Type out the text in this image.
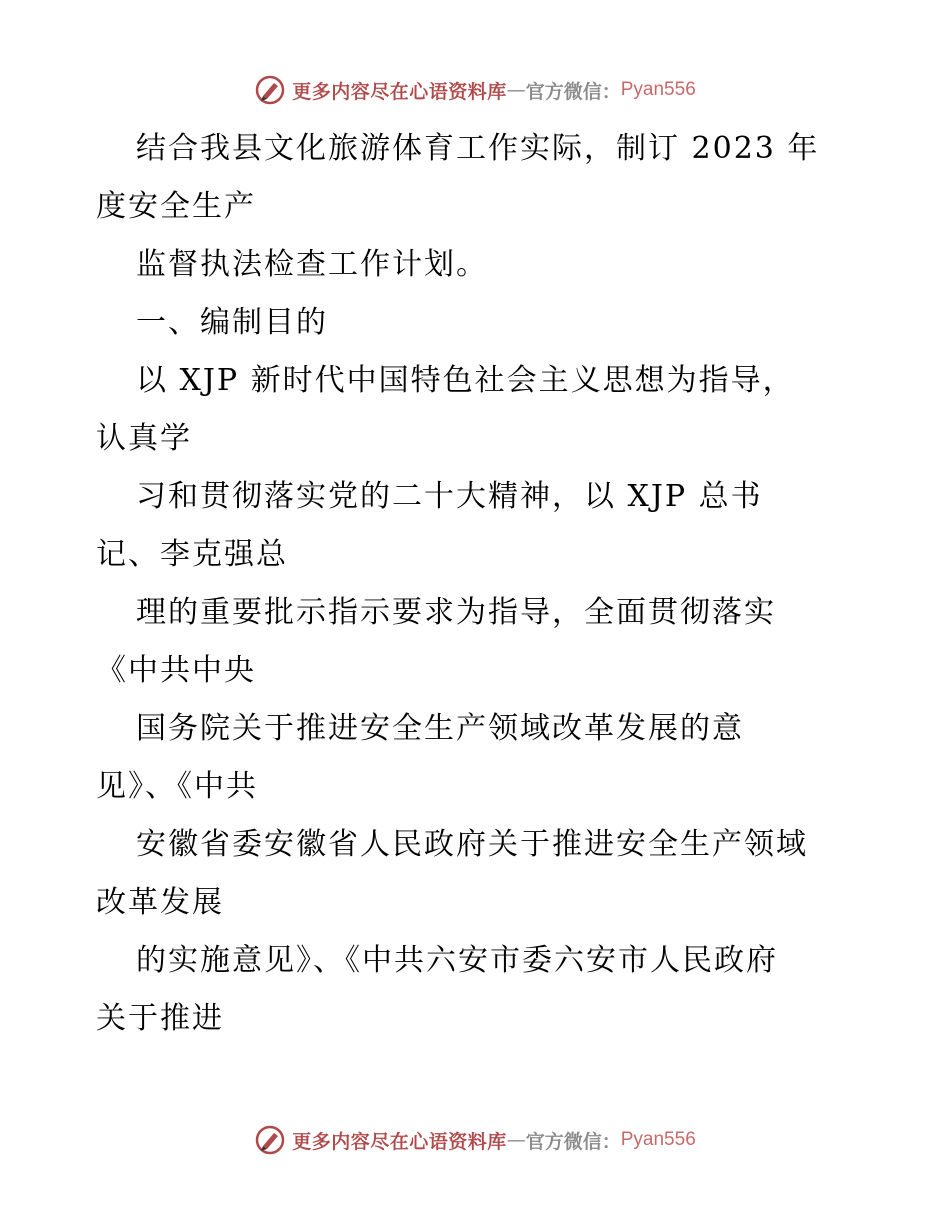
更多内容尽在心语资料库 — 官方微信： Pyan556
结合我县文化旅游体育工作实际，制订 2023 年
度安全生产
监督执法检查工作计划。
一、编制目的
以 XJP 新时代中国特色社会主义思想为指导，
认真学
习和贯彻落实党的二十大精神，以 XJP 总书
记、李克强总
理的重要批示指示要求为指导，全面贯彻落实
《中共中央
国务院关于推进安全生产领域改革发展的意
见》、《中共
安徽省委安徽省人民政府关于推进安全生产领域
改革发展
的实施意见》、《中共六安市委六安市人民政府
关于推进
更多内容尽在心语资料库 — 官方微信： Pyan556
